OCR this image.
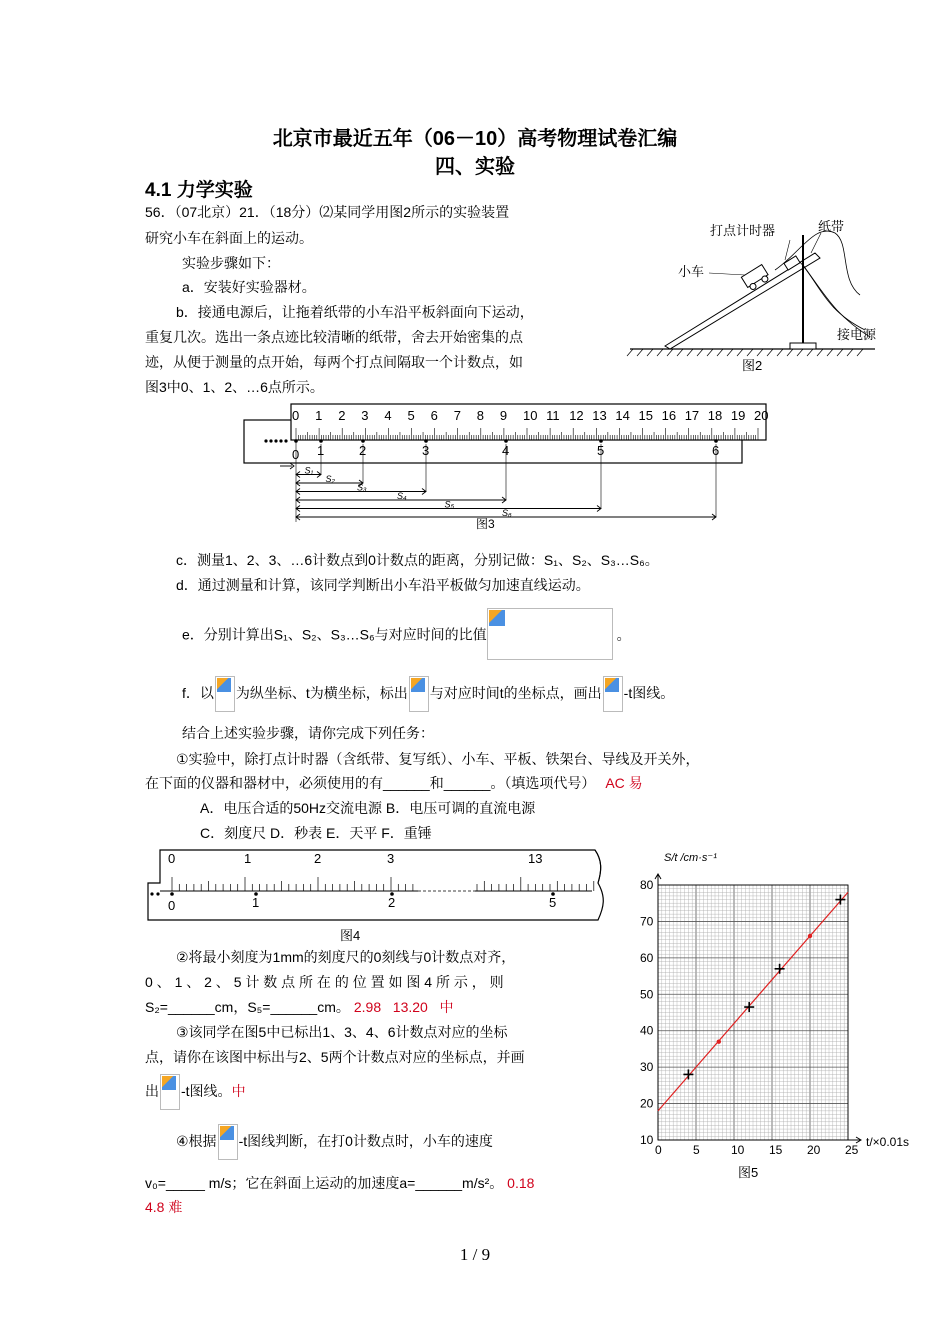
北京市最近五年（06－10）高考物理试卷汇编
四、实验
4.1 力学实验
56．（07北京）21．（18分）⑵某同学用图2所示的实验装置
研究小车在斜面上的运动。
实验步骤如下：
a．安装好实验器材。
b．接通电源后，让拖着纸带的小车沿平板斜面向下运动，
重复几次。选出一条点迹比较清晰的纸带，舍去开始密集的点
迹，从便于测量的点开始，每两个打点间隔取一个计数点，如
图3中0、1、2、…6点所示。
打点计时器	纸带
小车
接电源
图2
0 1 2 3 4 5 6 7 8 9 10 11 12 13 14 15 16 17 18 19 20
0 1	2	3	4	5	6
S₁
S₂
S₃
S₄
S₅
S₆
图3
c．测量1、2、3、…6计数点到0计数点的距离，分别记做：S₁、S₂、S₃…S₆。
d．通过测量和计算，该同学判断出小车沿平板做匀加速直线运动。
e．分别计算出S₁、S₂、S₃…S₆与对应时间的比值	。
f．以 为纵坐标、t为横坐标，标出 与对应时间t的坐标点，画出 -t图线。
结合上述实验步骤，请你完成下列任务：
①实验中，除打点计时器（含纸带、复写纸）、小车、平板、铁架台、导线及开关外，
在下面的仪器和器材中，必须使用的有______和______。（填选项代号） AC 易
A．电压合适的50Hz交流电源 B．电压可调的直流电源
C．刻度尺 D．秒表 E．天平 F．重锤
0	1	2	3	13
0	1	2	5
图4
②将最小刻度为1mm的刻度尺的0刻线与0计数点对齐，
0 、 1 、 2 、 5 计 数 点 所 在 的 位 置 如 图 4 所 示 ， 则
S₂=______cm，S₅=______cm。 2.98   13.20   中
③该同学在图5中已标出1、3、4、6计数点对应的坐标
点，请你在该图中标出与2、5两个计数点对应的坐标点，并画
出 -t图线。中
④根据 -t图线判断，在打0计数点时，小车的速度
v₀=_____ m/s；它在斜面上运动的加速度a=______m/s²。 0.18
4.8 难
0	5	10 15 20 25
10
20
30
40
50
60
70
80
S/t /cm·s⁻¹
t/×0.01s
图5
1 / 9
